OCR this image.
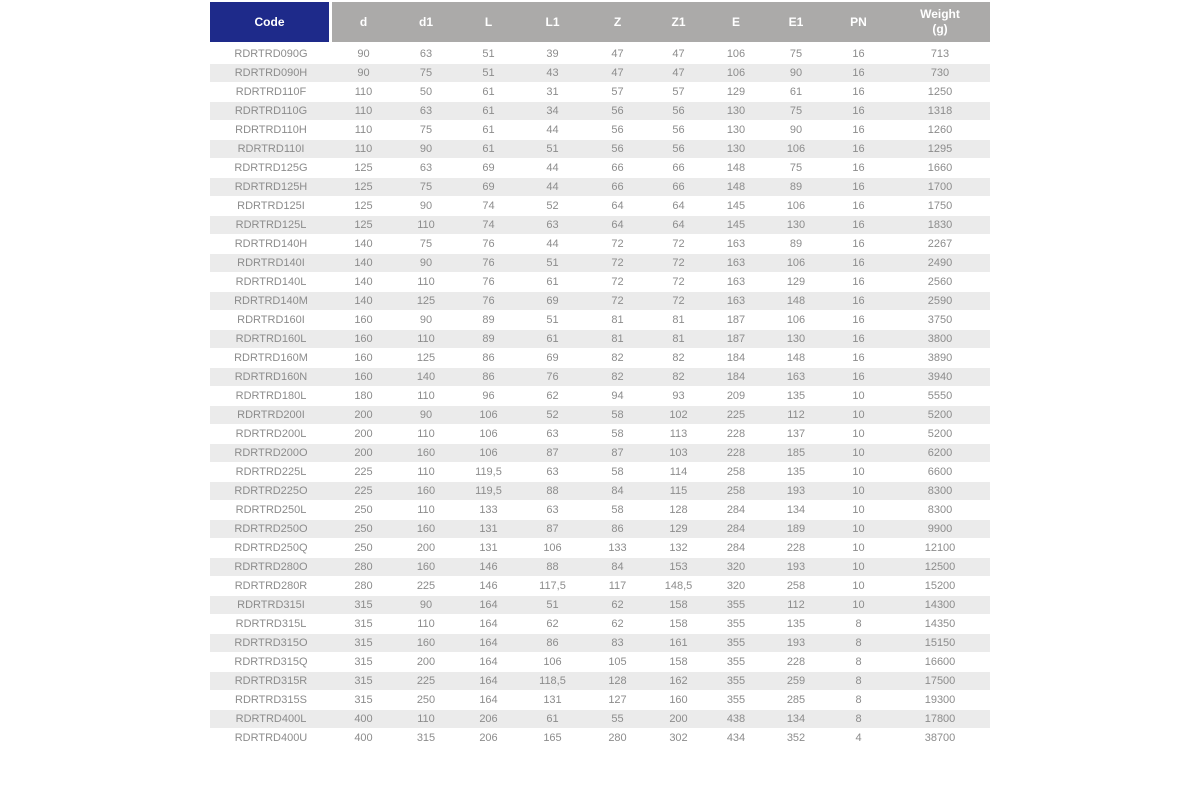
Code	d	d1	L	L1	Z	Z1	E	E1	PN	Weight
(g)

RDRTRD090G	90	63	51	39	47	47	106	75	16	713
RDRTRD090H	90	75	51	43	47	47	106	90	16	730
RDRTRD110F	110	50	61	31	57	57	129	61	16	1250
RDRTRD110G	110	63	61	34	56	56	130	75	16	1318
RDRTRD110H	110	75	61	44	56	56	130	90	16	1260
RDRTRD110I	110	90	61	51	56	56	130	106	16	1295
RDRTRD125G	125	63	69	44	66	66	148	75	16	1660
RDRTRD125H	125	75	69	44	66	66	148	89	16	1700
RDRTRD125I	125	90	74	52	64	64	145	106	16	1750
RDRTRD125L	125	110	74	63	64	64	145	130	16	1830
RDRTRD140H	140	75	76	44	72	72	163	89	16	2267
RDRTRD140I	140	90	76	51	72	72	163	106	16	2490
RDRTRD140L	140	110	76	61	72	72	163	129	16	2560
RDRTRD140M	140	125	76	69	72	72	163	148	16	2590
RDRTRD160I	160	90	89	51	81	81	187	106	16	3750
RDRTRD160L	160	110	89	61	81	81	187	130	16	3800
RDRTRD160M	160	125	86	69	82	82	184	148	16	3890
RDRTRD160N	160	140	86	76	82	82	184	163	16	3940
RDRTRD180L	180	110	96	62	94	93	209	135	10	5550
RDRTRD200I	200	90	106	52	58	102	225	112	10	5200
RDRTRD200L	200	110	106	63	58	113	228	137	10	5200
RDRTRD200O	200	160	106	87	87	103	228	185	10	6200
RDRTRD225L	225	110	119,5	63	58	114	258	135	10	6600
RDRTRD225O	225	160	119,5	88	84	115	258	193	10	8300
RDRTRD250L	250	110	133	63	58	128	284	134	10	8300
RDRTRD250O	250	160	131	87	86	129	284	189	10	9900
RDRTRD250Q	250	200	131	106	133	132	284	228	10	12100
RDRTRD280O	280	160	146	88	84	153	320	193	10	12500
RDRTRD280R	280	225	146	117,5	117	148,5	320	258	10	15200
RDRTRD315I	315	90	164	51	62	158	355	112	10	14300
RDRTRD315L	315	110	164	62	62	158	355	135	8	14350
RDRTRD315O	315	160	164	86	83	161	355	193	8	15150
RDRTRD315Q	315	200	164	106	105	158	355	228	8	16600
RDRTRD315R	315	225	164	118,5	128	162	355	259	8	17500
RDRTRD315S	315	250	164	131	127	160	355	285	8	19300
RDRTRD400L	400	110	206	61	55	200	438	134	8	17800
RDRTRD400U	400	315	206	165	280	302	434	352	4	38700
